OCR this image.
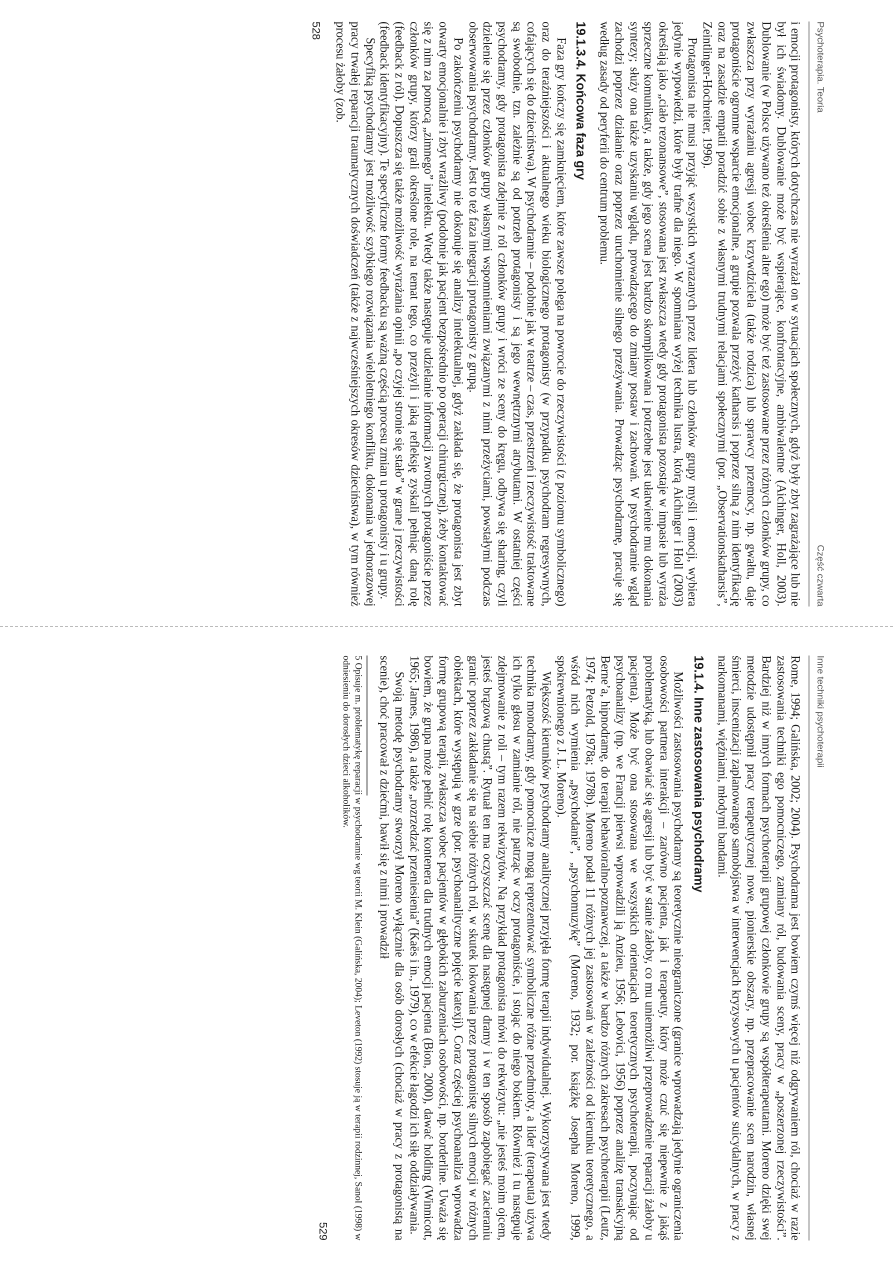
Psychoterapia. Teoria
Część czwarta

i emocji protagonisty, których dotychczas nie wyrażał on w sytuacjach społecznych, gdyż były zbyt zagrażające lub nie był ich świadomy. Dublowanie może być wspierające, konfrontacyjne, ambiwalentne (Aichinger, Holl, 2003). Dublowanie (w Polsce używano też określenia alter ego) może być też zastosowane przez różnych członków grupy, co zwłaszcza przy wyrażaniu agresji wobec krzywdziciela (także rodzica) lub sprawcy przemocy, np. gwałtu, daje protagoniście ogromne wsparcie emocjonalne, a grupie pozwala przeżyć katharsis i poprzez silną z nim identyfikację oraz na zasadzie empatii poradzić sobie z własnymi trudnymi relacjami społecznymi (por. „Observationskatharsis”, Zeintlinger-Hochreiter, 1996).

Protagonista nie musi przyjąć wszystkich wyrazanych przez lidera lub członków grupy myśli i emocji, wybiera jedynie wypowiedzi, które były trafne dla niego. W spomniana wyżej technika lustra, którą Aichinger i Holl (2003) określają jako „ciało rezonansowe”, stosowana jest zwłaszcza wtedy gdy protagonista pozostaje w impasie lub wyraża sprzeczne komunikaty, a także, gdy jego scena jest bardzo skomplikowana i potrzebne jest ułatwienie mu dokonania syntezy; służy ona także uzyskaniu wglądu, prowadzącego do zmiany postaw i zachowań. W psychodramie wgląd zachodzi poprzez działanie oraz poprzez uruchomienie silnego przeżywania. Prowadząc psychodramę, pracuje się według zasady od peryferii do centrum problemu.

19.1.3.4. Końcowa faza gry

Faza gry kończy się zamknięciem, które zawsze polega na powrocie do rzeczywistości (z poziomu symbolicznego) oraz do teraźniejszości i aktualnego wieku biologicznego protagonisty (w przypadku psychodram regresywnych, cofających się do dzieciństwa). W psychodramie – podobnie jak w teatrze – czas, przestrzeń i rzeczywistość traktowane są swobodnie, tzn. zależnie są od potrzeb protagonisty i są jego wewnętrznymi atrybutami. W ostatniej części psychodramy, gdy protagonista zdejmie z ról członków grupy i wróci ze sceny do kręgu, odbywa się sharing, czyli dzielenie się przez członków grupy własnymi wspomnieniami związanymi z nimi przeżyciami, powstałymi podczas obserwowania psychodramy. Jest to też faza integracji protagonisty z grupą.

Po zakończeniu psychodramy nie dokonuje się analizy intelektualnej, gdyż zakłada się, że protagonista jest zbyt otwarty emocjonalnie i zbyt wrażliwy (podobnie jak pacjent bezpośrednio po operacji chirurgicznej), żeby kontaktować się z nim za pomocą „zimnego” intelektu. Wtedy także następuje udzielanie informacji zwrotnych protagoniście przez członków grupy, którzy grali określone role, na temat tego, co przeżyli i jaką refleksję zyskali pełniąc daną rolę (feedback z ról). Dopuszcza się także możliwość wyrażania opinii „po czyjej stronie się stało” w grane j rzeczywistości (feedback identyfikacyjny). Te specyficzne formy feedbacku są ważną częścią procesu zmian u protagonisty i u grupy.

Specyfiką psychodramy jest możliwość szybkiego rozwiązania wieloletniego konfliktu, dokonania w jednorazowej pracy trwałej reparacji traumatycznych doświadczeń (także z najwcześniejszych okresów dzieciństwa), w tym również procesu żałoby (zob.

528
Inne techniki psychoterapii

Rome, 1994; Galińska, 2002; 2004). Psychodrama jest bowiem czymś więcej niż odgrywaniem ról, chociaż w razie zastosowania techniki ego pomocniczego, zamiany ról, budowania sceny, pracy w „poszerzonej rzeczywistości”. Bardziej niż w innych formach psychoterapii grupowej członkowie grupy są współterapeutami. Moreno dzięki swej metodzie udostępnił pracy terapeutycznej nowe, pionierskie obszary, np. przepracowanie scen narodzin, własnej śmierci, inscenizacji zaplanowanego samobójstwa w interwencjach kryzysowych u pacjentów suicydalnych, w pracy z narkomanami, więźniami, młodymi bandami.

19.1.4. Inne zastosowania psychodramy

Możliwości zastosowania psychodramy są teoretycznie nieograniczone (granice wprowadzają jedynie ograniczenia osobowości partnera interakcji – zarówno pacjenta, jak i terapeuty, który może czuć się niepewnie z jakąś problematyką, lub obawiać się agresji lub być w stanie żałoby, co mu uniemożliwi przeprowadzenie reparacji żałoby u pacjenta). Może być ona stosowana we wszystkich orientacjach teoretycznych psychoterapii, poczynając od psychoanalizy (np. we Francji pierwsi wprowadzili ją Anzieu, 1956; Lebovici, 1956) poprzez analizę transakcyjną Berne’a, hipnodramę, do terapii behawioralno-poznawczej, a także w bardzo różnych zakresach psychoterapii (Leutz, 1974; Petzold, 1978a; 1978b). Moreno podał 11 różnych jej zastosowań w zależności od kierunku teoretycznego, a wśród nich wymienia „psychodanie”, „psychomuzykę” (Moreno, 1932; por. książkę Josepha Moreno, 1999, spokrewnionego z J. L. Moreno).

Większość kierunków psychodramy analitycznej przyjęła formę terapii indywidualnej. Wykorzystywana jest wtedy technika monodramy, gdy pomocnicze mogą reprezentować symboliczne różne przedmioty, a lider (terapeuta) używa ich tylko głosu w zamianie ról, nie patrząc w oczy protagoniście, i stojąc do niego bokiem. Również i tu następuje zdejmowanie z roli – tym razem rekwizytów. Na przykład protagonista mówi do rekwizytu: „nie jesteś moim ojcem, jesteś brązową chustą”. Rytuał ten ma oczyszczać scenę dla następnej dramy i w ten sposób zapobiegać zacieraniu granic poprzez zakładanie się na siebie różnych ról, w skutek lokowania przez protagonistę silnych emocji w różnych obiektach, które występują w grze (por. psychoanalityczne pojęcie katexji). Coraz częściej psychoanaliza wprowadza formę grupową terapii, zwłaszcza wobec pacjentów w głębokich zaburzeniach osobowości, np. borderline. Uważa się bowiem, że grupa może pełnić rolę kontenera dla trudnych emocji pacjenta (Bion, 2000), dawać holding (Winnicott, 1965; James, 1986), a także „rozrzedzać przeniesienia” (Kaës i in., 1979), co w efekcie łagodzi ich siłę oddziaływania.

Swoją metodę psychodramy stworzył Moreno wyłącznie dla osób dorosłych (chociaż w pracy z protagonistą na scenie), choć pracował z dziećmi, bawił się z nimi i prowadził

5 Opisuje m. problematykę reparacji w psychodramie wg teorii M. Klein (Galińska, 2004); Leveton (1992) stosuje ją w terapii rodzinnej, Sanol (1998) w odniesieniu do dorosłych dzieci alkoholików.

529
